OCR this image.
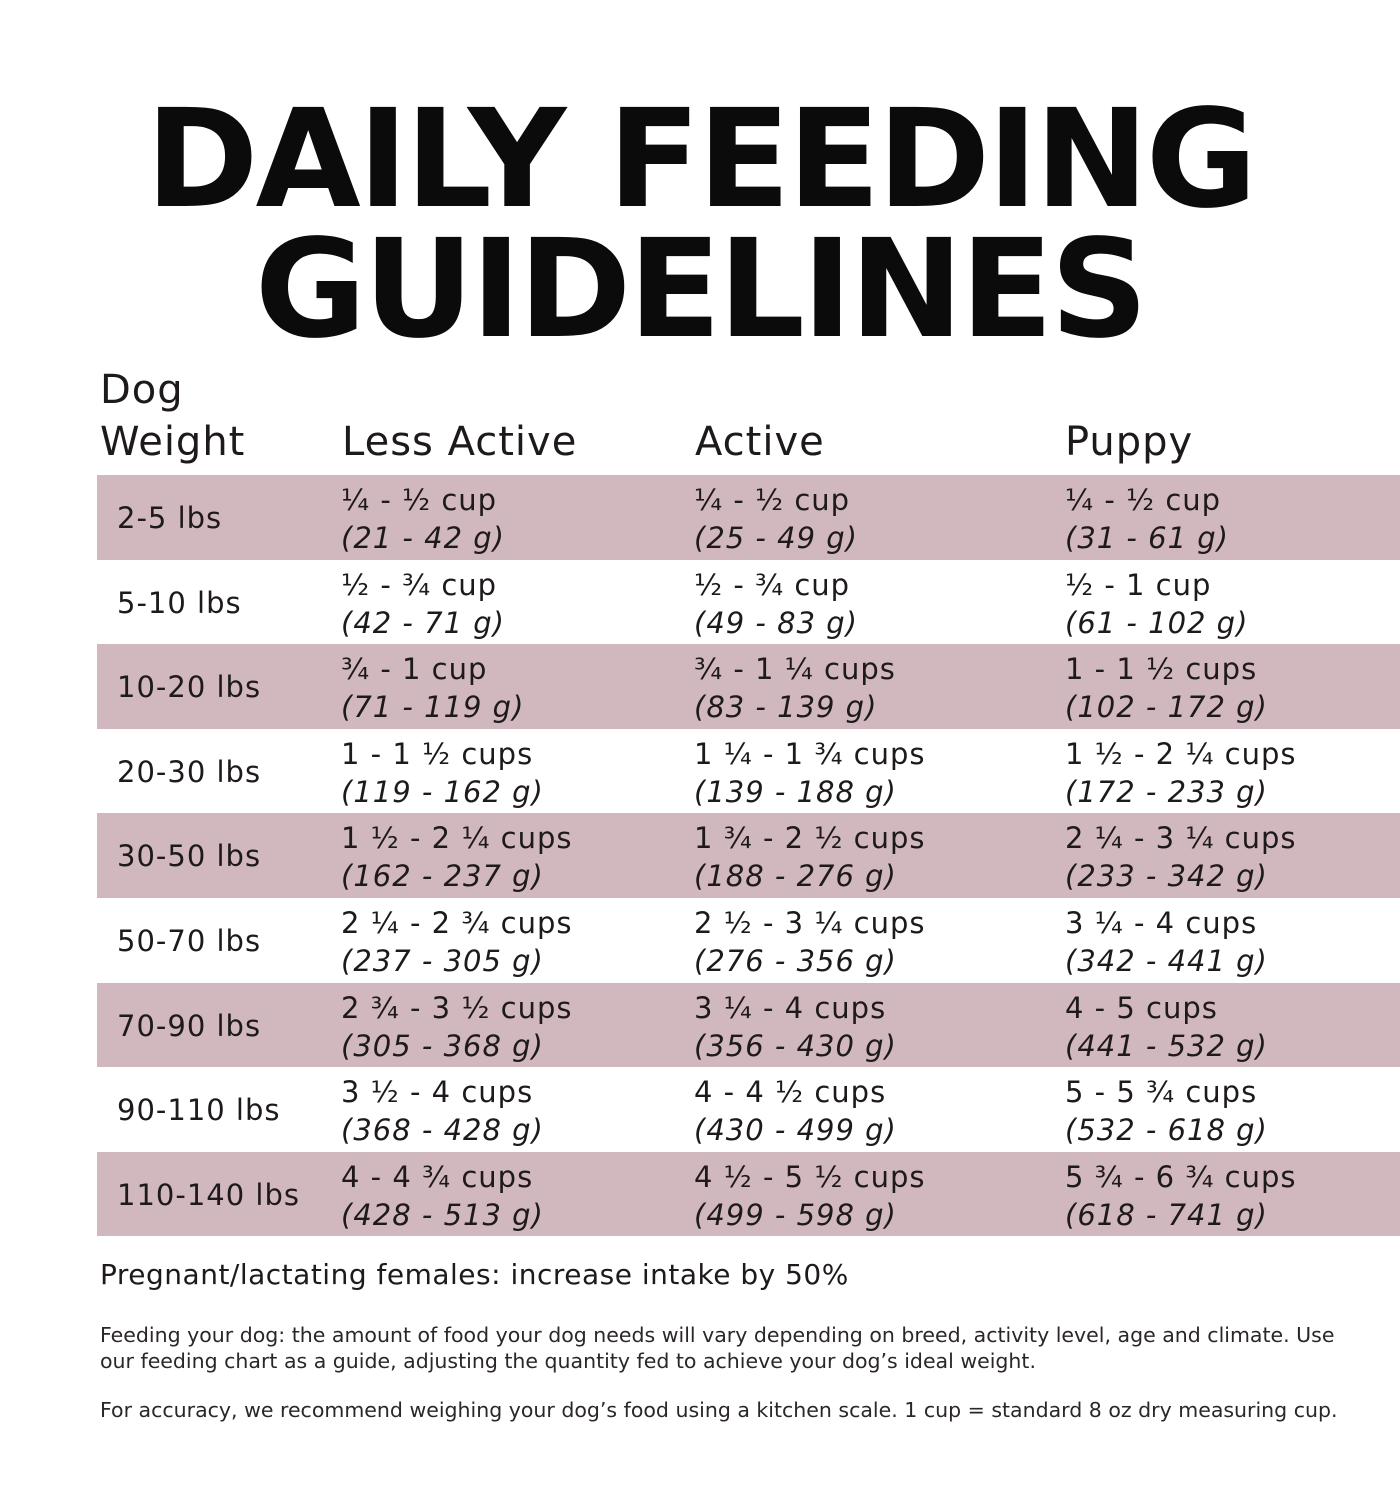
DAILY FEEDING
GUIDELINES
Dog
Weight Less Active	Active	Puppy
2-5 lbs
¼ - ½ cup
(21 - 42 g)
¼ - ½ cup
(25 - 49 g)
¼ - ½ cup
(31 - 61 g)
5-10 lbs
½ - ¾ cup
(42 - 71 g)
½ - ¾ cup
(49 - 83 g)
½ - 1 cup
(61 - 102 g)
10-20 lbs
¾ - 1 cup
(71 - 119 g)
¾ - 1 ¼ cups
(83 - 139 g)
1 - 1 ½ cups
(102 - 172 g)
20-30 lbs
1 - 1 ½ cups
(119 - 162 g)
1 ¼ - 1 ¾ cups
(139 - 188 g)
1 ½ - 2 ¼ cups
(172 - 233 g)
30-50 lbs
1 ½ - 2 ¼ cups
(162 - 237 g)
1 ¾ - 2 ½ cups
(188 - 276 g)
2 ¼ - 3 ¼ cups
(233 - 342 g)
50-70 lbs
2 ¼ - 2 ¾ cups
(237 - 305 g)
2 ½ - 3 ¼ cups
(276 - 356 g)
3 ¼ - 4 cups
(342 - 441 g)
70-90 lbs
2 ¾ - 3 ½ cups
(305 - 368 g)
3 ¼ - 4 cups
(356 - 430 g)
4 - 5 cups
(441 - 532 g)
90-110 lbs
3 ½ - 4 cups
(368 - 428 g)
4 - 4 ½ cups
(430 - 499 g)
5 - 5 ¾ cups
(532 - 618 g)
110-140 lbs
4 - 4 ¾ cups
(428 - 513 g)
4 ½ - 5 ½ cups
(499 - 598 g)
5 ¾ - 6 ¾ cups
(618 - 741 g)
Pregnant/lactating females: increase intake by 50%
Feeding your dog: the amount of food your dog needs will vary depending on breed, activity level, age and climate. Use our feeding chart as a guide, adjusting the quantity fed to achieve your dog’s ideal weight.
For accuracy, we recommend weighing your dog’s food using a kitchen scale. 1 cup = standard 8 oz dry measuring cup.
